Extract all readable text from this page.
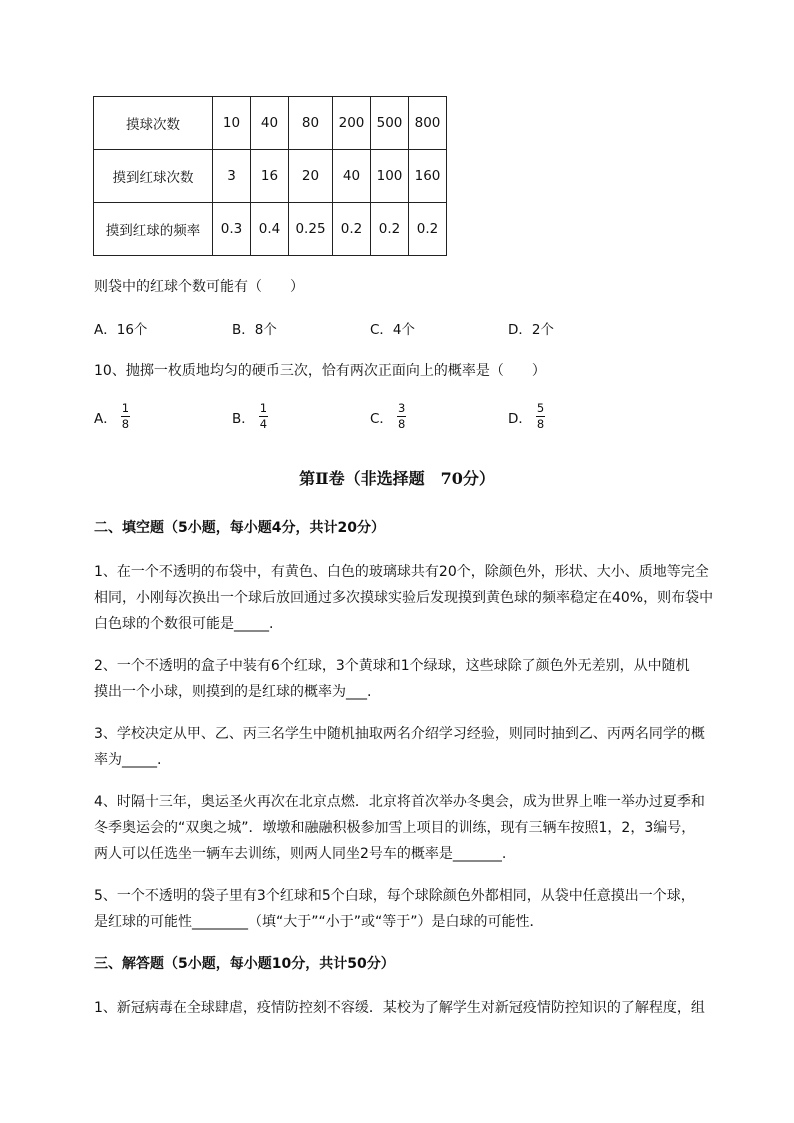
摸球次数	10	40	80	200	500	800
摸到红球次数	3	16	20	40	100	160
摸到红球的频率	0.3	0.4	0.25	0.2	0.2	0.2
则袋中的红球个数可能有（　　）
A．16个	B．8个	C．4个	D．2个
10、抛掷一枚质地均匀的硬币三次，恰有两次正面向上的概率是（　　）
A． $\frac{1}{8}$	B． $\frac{1}{4}$	C． $\frac{3}{8}$	D． $\frac{5}{8}$
第Ⅱ卷（非选择题　70分）
二、填空题（5小题，每小题4分，共计20分）
1、在一个不透明的布袋中，有黄色、白色的玻璃球共有20个，除颜色外，形状、大小、质地等完全
相同，小刚每次换出一个球后放回通过多次摸球实验后发现摸到黄色球的频率稳定在40%，则布袋中
白色球的个数很可能是_____.
2、一个不透明的盒子中装有6个红球，3个黄球和1个绿球，这些球除了颜色外无差别，从中随机
摸出一个小球，则摸到的是红球的概率为___.
3、学校决定从甲、乙、丙三名学生中随机抽取两名介绍学习经验，则同时抽到乙、丙两名同学的概
率为_____.
4、时隔十三年，奥运圣火再次在北京点燃．北京将首次举办冬奥会，成为世界上唯一举办过夏季和
冬季奥运会的“双奥之城”．墩墩和融融积极参加雪上项目的训练，现有三辆车按照1，2，3编号，
两人可以任选坐一辆车去训练，则两人同坐2号车的概率是_______.
5、一个不透明的袋子里有3个红球和5个白球，每个球除颜色外都相同，从袋中任意摸出一个球，
是红球的可能性________（填“大于”“小于”或“等于”）是白球的可能性．
三、解答题（5小题，每小题10分，共计50分）
1、新冠病毒在全球肆虐，疫情防控刻不容缓．某校为了解学生对新冠疫情防控知识的了解程度，组
